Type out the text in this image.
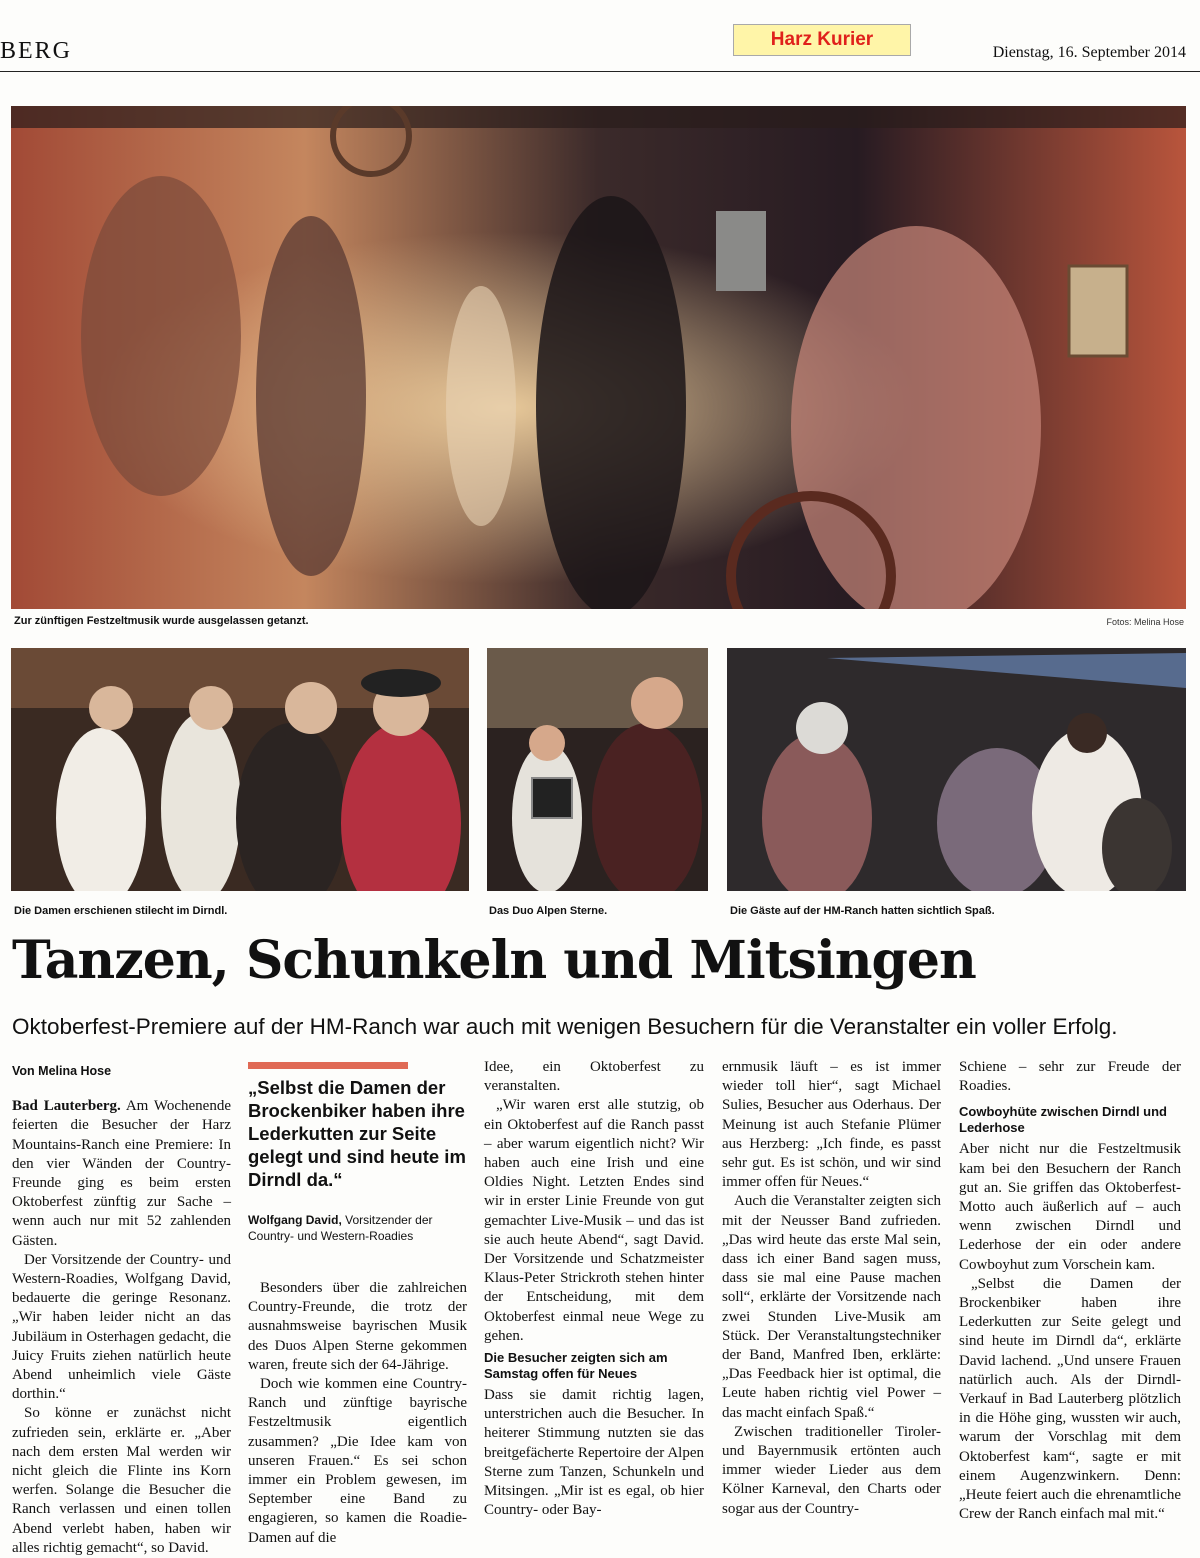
BERG	Harz Kurier
Dienstag, 16. September 2014
Zur zünftigen Festzeltmusik wurde ausgelassen getanzt.	Fotos: Melina Hose
Die Damen erschienen stilecht im Dirndl.	Das Duo Alpen Sterne.	Die Gäste auf der HM-Ranch hatten sichtlich Spaß.
Tanzen, Schunkeln und Mitsingen
Oktoberfest-Premiere auf der HM-Ranch war auch mit wenigen Besuchern für die Veranstalter ein voller Erfolg.
Von Melina Hose

Bad Lauterberg. Am Wochenende feierten die Besucher der Harz Mountains-Ranch eine Premiere: In den vier Wänden der Country-Freunde ging es beim ersten Oktoberfest zünftig zur Sache – wenn auch nur mit 52 zahlenden Gästen.

Der Vorsitzende der Country- und Western-Roadies, Wolfgang David, bedauerte die geringe Resonanz. „Wir haben leider nicht an das Jubiläum in Osterhagen gedacht, die Juicy Fruits ziehen natürlich heute Abend unheimlich viele Gäste dorthin.“

So könne er zunächst nicht zufrieden sein, erklärte er. „Aber nach dem ersten Mal werden wir nicht gleich die Flinte ins Korn werfen. Solange die Besucher die Ranch verlassen und einen tollen Abend verlebt haben, haben wir alles richtig gemacht“, so David.

„Selbst die Damen der Brockenbiker haben ihre Lederkutten zur Seite gelegt und sind heute im Dirndl da.“
Wolfgang David, Vorsitzender der Country- und Western-Roadies

Besonders über die zahlreichen Country-Freunde, die trotz der ausnahmsweise bayrischen Musik des Duos Alpen Sterne gekommen waren, freute sich der 64-Jährige.

Doch wie kommen eine Country-Ranch und zünftige bayrische Festzeltmusik eigentlich zusammen? „Die Idee kam von unseren Frauen.“ Es sei schon immer ein Problem gewesen, im September eine Band zu engagieren, so kamen die Roadie-Damen auf die

Idee, ein Oktoberfest zu veranstalten.

„Wir waren erst alle stutzig, ob ein Oktoberfest auf die Ranch passt – aber warum eigentlich nicht? Wir haben auch eine Irish und eine Oldies Night. Letzten Endes sind wir in erster Linie Freunde von gut gemachter Live-Musik – und das ist sie auch heute Abend“, sagt David. Der Vorsitzende und Schatzmeister Klaus-Peter Strickroth stehen hinter der Entscheidung, mit dem Oktoberfest einmal neue Wege zu gehen.

Die Besucher zeigten sich am Samstag offen für Neues

Dass sie damit richtig lagen, unterstrichen auch die Besucher. In heiterer Stimmung nutzten sie das breitgefächerte Repertoire der Alpen Sterne zum Tanzen, Schunkeln und Mitsingen. „Mir ist es egal, ob hier Country- oder Bay-

ernmusik läuft – es ist immer wieder toll hier“, sagt Michael Sulies, Besucher aus Oderhaus. Der Meinung ist auch Stefanie Plümer aus Herzberg: „Ich finde, es passt sehr gut. Es ist schön, und wir sind immer offen für Neues.“

Auch die Veranstalter zeigten sich mit der Neusser Band zufrieden. „Das wird heute das erste Mal sein, dass ich einer Band sagen muss, dass sie mal eine Pause machen soll“, erklärte der Vorsitzende nach zwei Stunden Live-Musik am Stück. Der Veranstaltungstechniker der Band, Manfred Iben, erklärte: „Das Feedback hier ist optimal, die Leute haben richtig viel Power – das macht einfach Spaß.“

Zwischen traditioneller Tiroler- und Bayernmusik ertönten auch immer wieder Lieder aus dem Kölner Karneval, den Charts oder sogar aus der Country-

Schiene – sehr zur Freude der Roadies.

Cowboyhüte zwischen Dirndl und Lederhose

Aber nicht nur die Festzeltmusik kam bei den Besuchern der Ranch gut an. Sie griffen das Oktoberfest-Motto auch äußerlich auf – auch wenn zwischen Dirndl und Lederhose der ein oder andere Cowboyhut zum Vorschein kam.

„Selbst die Damen der Brockenbiker haben ihre Lederkutten zur Seite gelegt und sind heute im Dirndl da“, erklärte David lachend. „Und unsere Frauen natürlich auch. Als der Dirndl-Verkauf in Bad Lauterberg plötzlich in die Höhe ging, wussten wir auch, warum der Vorschlag mit dem Oktoberfest kam“, sagte er mit einem Augenzwinkern. Denn: „Heute feiert auch die ehrenamtliche Crew der Ranch einfach mal mit.“
